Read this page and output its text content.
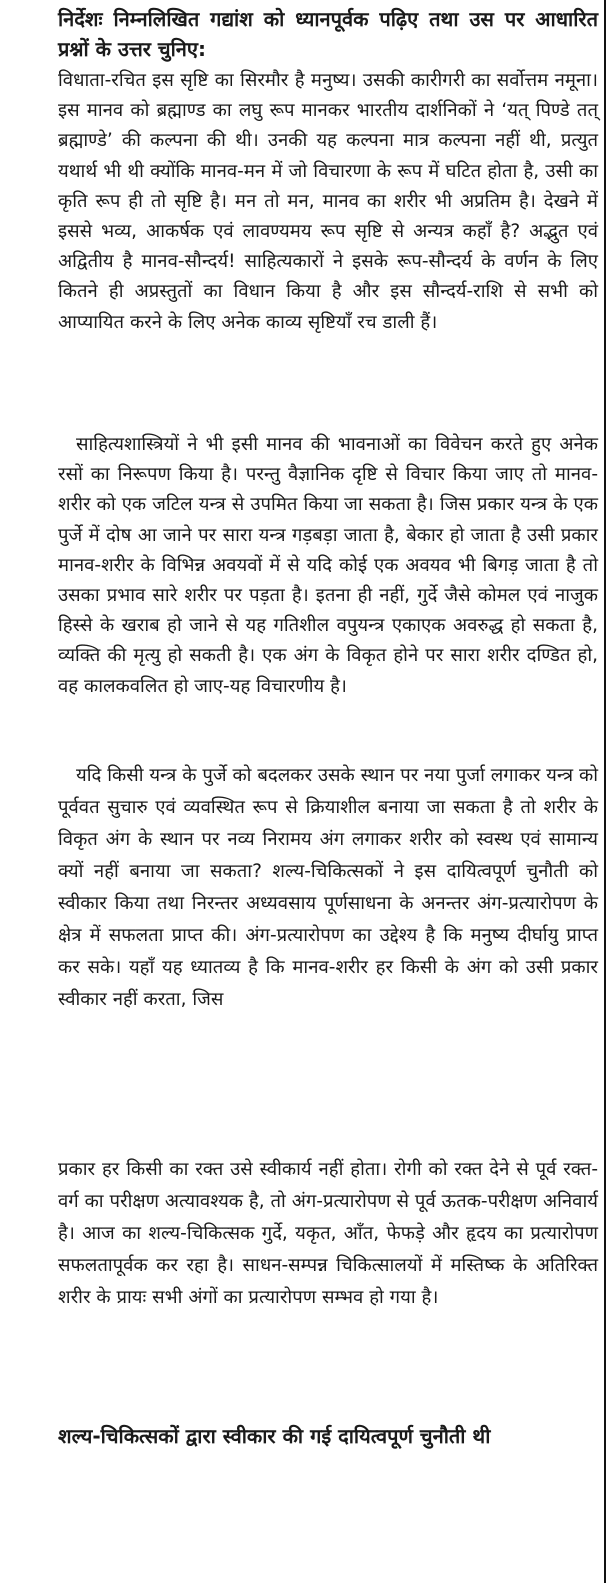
निर्देशः निम्नलिखित गद्यांश को ध्यानपूर्वक पढ़िए तथा उस पर आधारित प्रश्नों के उत्तर चुनिए:
विधाता-रचित इस सृष्टि का सिरमौर है मनुष्य। उसकी कारीगरी का सर्वोत्तम नमूना। इस मानव को ब्रह्माण्ड का लघु रूप मानकर भारतीय दार्शनिकों ने ‘यत् पिण्डे तत् ब्रह्माण्डे’ की कल्पना की थी। उनकी यह कल्पना मात्र कल्पना नहीं थी, प्रत्युत यथार्थ भी थी क्योंकि मानव-मन में जो विचारणा के रूप में घटित होता है, उसी का कृति रूप ही तो सृष्टि है। मन तो मन, मानव का शरीर भी अप्रतिम है। देखने में इससे भव्य, आकर्षक एवं लावण्यमय रूप सृष्टि से अन्यत्र कहाँ है? अद्भुत एवं अद्वितीय है मानव-सौन्दर्य! साहित्यकारों ने इसके रूप-सौन्दर्य के वर्णन के लिए कितने ही अप्रस्तुतों का विधान किया है और इस सौन्दर्य-राशि से सभी को आप्यायित करने के लिए अनेक काव्य सृष्टियाँ रच डाली हैं।
साहित्यशास्त्रियों ने भी इसी मानव की भावनाओं का विवेचन करते हुए अनेक रसों का निरूपण किया है। परन्तु वैज्ञानिक दृष्टि से विचार किया जाए तो मानव-शरीर को एक जटिल यन्त्र से उपमित किया जा सकता है। जिस प्रकार यन्त्र के एक पुर्जे में दोष आ जाने पर सारा यन्त्र गड़बड़ा जाता है, बेकार हो जाता है उसी प्रकार मानव-शरीर के विभिन्न अवयवों में से यदि कोई एक अवयव भी बिगड़ जाता है तो उसका प्रभाव सारे शरीर पर पड़ता है। इतना ही नहीं, गुर्दे जैसे कोमल एवं नाजुक हिस्से के खराब हो जाने से यह गतिशील वपुयन्त्र एकाएक अवरुद्ध हो सकता है, व्यक्ति की मृत्यु हो सकती है। एक अंग के विकृत होने पर सारा शरीर दण्डित हो, वह कालकवलित हो जाए-यह विचारणीय है।
यदि किसी यन्त्र के पुर्जे को बदलकर उसके स्थान पर नया पुर्जा लगाकर यन्त्र को पूर्ववत सुचारु एवं व्यवस्थित रूप से क्रियाशील बनाया जा सकता है तो शरीर के विकृत अंग के स्थान पर नव्य निरामय अंग लगाकर शरीर को स्वस्थ एवं सामान्य क्यों नहीं बनाया जा सकता? शल्य-चिकित्सकों ने इस दायित्वपूर्ण चुनौती को स्वीकार किया तथा निरन्तर अध्यवसाय पूर्णसाधना के अनन्तर अंग-प्रत्यारोपण के क्षेत्र में सफलता प्राप्त की। अंग-प्रत्यारोपण का उद्देश्य है कि मनुष्य दीर्घायु प्राप्त कर सके। यहाँ यह ध्यातव्य है कि मानव-शरीर हर किसी के अंग को उसी प्रकार स्वीकार नहीं करता, जिस
प्रकार हर किसी का रक्त उसे स्वीकार्य नहीं होता। रोगी को रक्त देने से पूर्व रक्त-वर्ग का परीक्षण अत्यावश्यक है, तो अंग-प्रत्यारोपण से पूर्व ऊतक-परीक्षण अनिवार्य है। आज का शल्य-चिकित्सक गुर्दे, यकृत, आँत, फेफड़े और हृदय का प्रत्यारोपण सफलतापूर्वक कर रहा है। साधन-सम्पन्न चिकित्सालयों में मस्तिष्क के अतिरिक्त शरीर के प्रायः सभी अंगों का प्रत्यारोपण सम्भव हो गया है।
शल्य-चिकित्सकों द्वारा स्वीकार की गई दायित्वपूर्ण चुनौती थी
